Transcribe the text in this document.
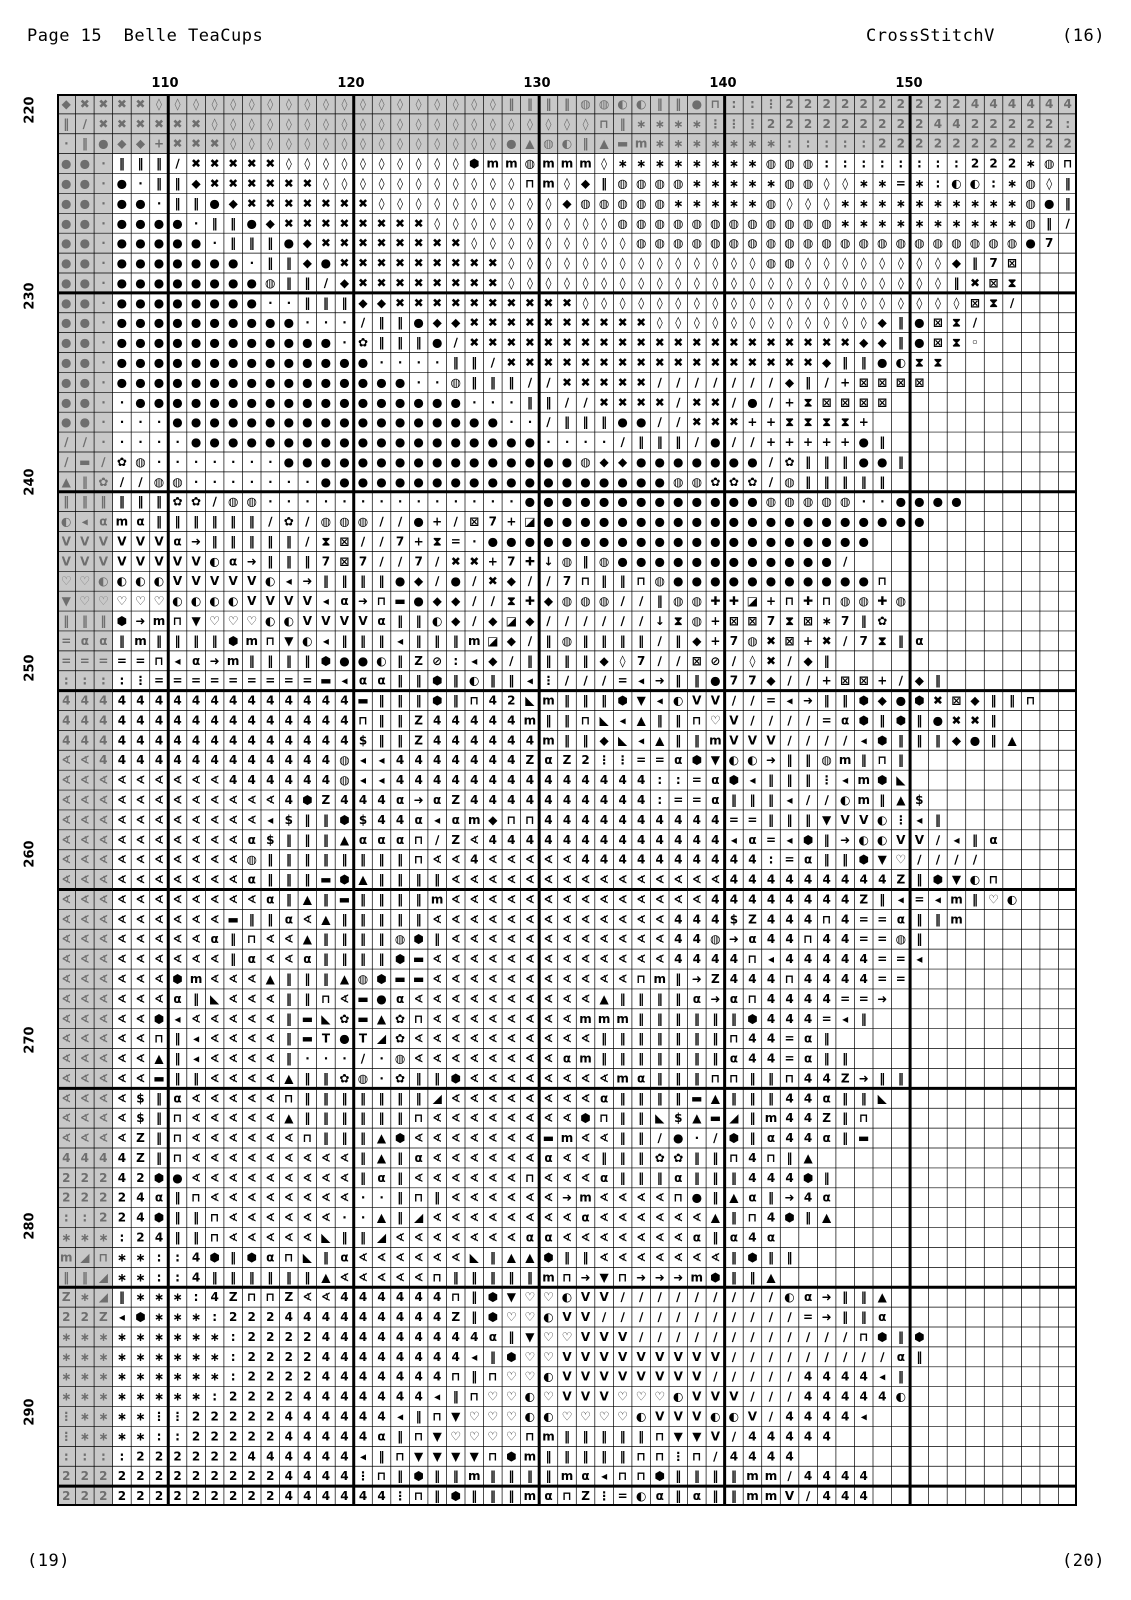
Page 15 Belle TeaCups	CrossStitchV	(16)
110	120	130	140	150
220
230
240
250
260
270
280
290
◆ ✖ ✖ ✖ ✖ ◊ ◊ ◊ ◊ ◊ ◊ ◊ ◊ ◊ ◊ ◊ ◊ ◊ ◊ ◊ ◊ ◊ ◊ ◊ ‖ ‖ ‖ ‖ ◍ ◍ ◐ ◐ ‖ ‖ ● ⊓ : : ⋮ 2 2 2 2 2 2 2 2 2 2 4 4 4 4 4 4
‖ ∕ ✖ ✖ ✖ ✖ ✖ ✖ ◊ ◊ ◊ ◊ ◊ ◊ ◊ ◊ ◊ ◊ ◊ ◊ ◊ ◊ ◊ ◊ ◊ ◊ ◊ ◊ ◊ ⊓ ‖ ∗ ∗ ∗ ∗ ⋮ ⋮ ⋮ 2 2 2 2 2 2 2 2 2 4 4 2 2 2 2 2 :
⋅ ‖ ● ◆ ◆ + ✖ ✖ ✖ ◊ ◊ ◊ ◊ ◊ ◊ ◊ ◊ ◊ ◊ ◊ ◊ ◊ ◊ ◊ ● ▲ ◍ ◐ ‖ ▲ ▬ m ∗ ∗ ∗ ∗ ∗ ∗ ∗ : : : : : 2 2 2 2 2 2 2 2 2 2 2
● ● ⋅ ‖ ‖ ‖ ∕ ✖ ✖ ✖ ✖ ✖ ◊ ◊ ◊ ◊ ◊ ◊ ◊ ◊ ◊ ◊ ⬢ m m ◍ m m m ◊ ∗ ∗ ∗ ∗ ∗ ∗ ∗ ∗ ◍ ◍ ◍ : : : : : : : : 2 2 2 ∗ ◍ ⊓
● ● ⋅ ● ⋅ ‖ ‖ ◆ ✖ ✖ ✖ ✖ ✖ ✖ ◊ ◊ ◊ ◊ ◊ ◊ ◊ ◊ ◊ ◊ ◊ ⊓ m ◊ ◆ ‖ ◍ ◍ ◍ ◍ ∗ ∗ ∗ ∗ ∗ ◍ ◍ ◊ ◊ ∗ ∗ = ∗ : ◐ ◐ : ∗ ◍ ◊ ‖
● ● ⋅ ● ● ⋅ ‖ ‖ ● ◆ ✖ ✖ ✖ ✖ ✖ ✖ ✖ ◊ ◊ ◊ ◊ ◊ ◊ ◊ ◊ ◊ ◊ ◆ ◍ ◍ ◍ ◍ ◍ ∗ ∗ ∗ ∗ ∗ ◍ ◊ ◊ ◊ ∗ ∗ ∗ ∗ ∗ ∗ ∗ ∗ ∗ ∗ ◍ ● ‖
● ● ⋅ ● ● ● ● ⋅ ‖ ‖ ● ◆ ✖ ✖ ✖ ✖ ✖ ✖ ✖ ✖ ◊ ◊ ◊ ◊ ◊ ◊ ◊ ◊ ◊ ◊ ◍ ◍ ◍ ◍ ◍ ◍ ◍ ◍ ◍ ◍ ◍ ◍ ∗ ∗ ∗ ∗ ∗ ∗ ∗ ∗ ∗ ∗ ◍ ‖ ∕
● ● ⋅ ● ● ● ● ● ⋅ ‖ ‖ ‖ ● ◆ ✖ ✖ ✖ ✖ ✖ ✖ ✖ ✖ ◊ ◊ ◊ ◊ ◊ ◊ ◊ ◊ ◊ ◍ ◍ ◍ ◍ ◍ ◍ ◍ ◍ ◍ ◍ ◍ ◍ ◍ ◍ ◍ ◍ ◍ ◍ ◍ ◍ ◍ ● 7
● ● ⋅ ● ● ● ● ● ● ● ⋅ ‖ ‖ ◆ ● ✖ ✖ ✖ ✖ ✖ ✖ ✖ ✖ ✖ ◊ ◊ ◊ ◊ ◊ ◊ ◊ ◊ ◊ ◊ ◊ ◊ ◊ ◊ ◍ ◍ ◊ ◊ ◊ ◊ ◊ ◊ ◊ ◊ ◆ ‖ 7 ⊠
● ● ⋅ ● ● ● ● ● ● ● ● ◍ ‖ ‖ ∕ ◆ ✖ ✖ ✖ ✖ ✖ ✖ ✖ ✖ ◊ ◊ ◊ ◊ ◊ ◊ ◊ ◊ ◊ ◊ ◊ ◊ ◊ ◊ ◊ ◊ ◊ ◊ ◊ ◊ ◊ ◊ ◊ ◊ ‖ ✖ ⊠ ⧗
● ● ⋅ ● ● ● ● ● ● ● ● ⋅ ⋅ ‖ ‖ ‖ ◆ ◆ ✖ ✖ ✖ ✖ ✖ ✖ ✖ ✖ ✖ ✖ ◊ ◊ ◊ ◊ ◊ ◊ ◊ ◊ ◊ ◊ ◊ ◊ ◊ ◊ ◊ ◊ ◊ ◊ ◊ ◊ ◊ ⊠ ⧗ ∕
● ● ⋅ ● ● ● ● ● ● ● ● ● ● ⋅ ⋅ ⋅ ∕ ‖ ‖ ● ◆ ◆ ✖ ✖ ✖ ✖ ✖ ✖ ✖ ✖ ✖ ✖ ◊ ◊ ◊ ◊ ◊ ◊ ◊ ◊ ◊ ◊ ◊ ◊ ◆ ‖ ● ⊠ ⧗ ∕
● ● ⋅ ● ● ● ● ● ● ● ● ● ● ● ● ⋅ ✿ ‖ ‖ ‖ ● ∕ ✖ ✖ ✖ ✖ ✖ ✖ ✖ ✖ ✖ ✖ ✖ ✖ ✖ ✖ ✖ ✖ ✖ ✖ ✖ ✖ ✖ ◆ ◆ ‖ ● ⊠ ⧗ ◦
● ● ⋅ ● ● ● ● ● ● ● ● ● ● ● ● ● ● ⋅ ⋅ ⋅ ⋅ ‖ ‖ ∕ ✖ ✖ ✖ ✖ ✖ ✖ ✖ ✖ ✖ ✖ ✖ ✖ ✖ ✖ ✖ ✖ ✖ ◆ ‖ ‖ ● ◐ ⧗ ⧗
● ● ⋅ ● ● ● ● ● ● ● ● ● ● ● ● ● ● ● ● ⋅ ⋅ ◍ ‖ ‖ ‖ ∕ ∕ ✖ ✖ ✖ ✖ ✖ ∕ ∕ ∕ ∕ ∕ ∕ ∕ ◆ ‖ ∕ + ⊠ ⊠ ⊠ ⊠
● ● ⋅ ⋅ ● ● ● ● ● ● ● ● ● ● ● ● ● ● ● ● ● ● ⋅ ⋅ ⋅ ‖ ‖ ∕ ∕ ✖ ✖ ✖ ✖ ∕ ✖ ✖ ∕ ● ∕ + ⧗ ⊠ ⊠ ⊠ ⊠
● ● ⋅ ⋅ ⋅ ⋅ ● ● ● ● ● ● ● ● ● ● ● ● ● ● ● ● ● ● ⋅ ⋅ ∕ ‖ ‖ ‖ ● ● ∕ ∕ ✖ ✖ ✖ + + ⧗ ⧗ ⧗ ⧗ +
∕ ∕ ⋅ ⋅ ⋅ ⋅ ⋅ ● ● ● ● ● ● ● ● ● ● ● ● ● ● ● ● ● ● ● ⋅ ⋅ ⋅ ⋅ ∕ ‖ ‖ ‖ ∕ ● ∕ ∕ + + + + + ● ‖
∕ ▬ ∕ ✿ ◍ ⋅ ⋅ ⋅ ⋅ ⋅ ⋅ ⋅ ● ● ● ● ● ● ● ● ● ● ● ● ● ● ● ● ◍ ◆ ◆ ● ● ● ● ● ● ● ∕ ✿ ‖ ‖ ‖ ● ● ‖
▲ ‖ ✿ ∕ ∕ ◍ ◍ ⋅ ⋅ ⋅ ⋅ ⋅ ⋅ ⋅ ● ● ● ● ● ● ● ● ● ● ● ● ● ● ● ● ● ● ● ◍ ◍ ✿ ✿ ✿ ∕ ◍ ‖ ‖ ‖ ‖ ‖
‖ ‖ ‖ ‖ ‖ ‖ ✿ ✿ ∕ ◍ ◍ ⋅ ⋅ ⋅ ⋅ ⋅ ⋅ ⋅ ⋅ ⋅ ⋅ ⋅ ⋅ ⋅ ⋅ ● ● ● ● ● ● ● ● ● ● ● ● ● ◍ ◍ ◍ ◍ ◍ ⋅ ⋅ ● ● ● ●
◐ ◂ α m α ‖ ‖ ‖ ‖ ‖ ‖ ∕ ✿ ∕ ◍ ◍ ◍ ∕ ∕ ● + ∕ ⊠ 7 + ◪ ● ● ● ● ● ● ● ● ● ● ● ● ● ● ● ● ● ● ● ● ●
V V V V V V α ➜ ‖ ‖ ‖ ‖ ‖ ∕ ⧗ ⊠ ∕ ∕ 7 + ⧗ = ⋅ ● ● ● ● ● ● ● ● ● ● ● ● ● ● ● ● ● ● ● ● ●
V V V V V V V V ◐ α ➜ ‖ ‖ ‖ 7 ⊠ 7 ∕ ∕ 7 ∕ ✖ ✖ + 7 ✚ ↓ ◍ ‖ ◍ ● ● ● ● ● ● ● ● ● ● ● ● ∕
♡ ♡ ◐ ◐ ◐ ◐ V V V V V ◐ ◂ ➜ ‖ ‖ ‖ ‖ ● ◆ ∕ ● ∕ ✖ ◆ ∕ ∕ 7 ⊓ ‖ ‖ ⊓ ◍ ● ● ● ● ● ● ● ● ● ● ● ⊓
▼ ♡ ♡ ♡ ♡ ♡ ◐ ◐ ◐ ◐ V V V V ◂ α ➜ ⊓ ▬ ● ◆ ◆ ∕ ∕ ⧗ ✚ ◆ ◍ ◍ ◍ ∕ ∕ ‖ ◍ ◍ ✚ ✚ ◪ + ⊓ ✚ ⊓ ◍ ◍ ✚ ◍
‖ ‖ ‖ ⬢ ➜ m ⊓ ▼ ♡ ♡ ♡ ◐ ◐ V V V V α ‖ ‖ ◐ ◆ ∕ ◆ ◪ ◆ ∕ ∕ ∕ ∕ ∕ ∕ ↓ ⧗ ◍ + ⊠ ⊠ 7 ⧗ ⊠ ∗ 7 ‖ ✿
= α α ‖ m ‖ ‖ ‖ ‖ ⬢ m ⊓ ▼ ◐ ◂ ‖ ‖ ‖ ◂ ‖ ‖ ‖ m ◪ ◆ ∕ ‖ ◍ ‖ ‖ ‖ ‖ ∕ ‖ ◆ + 7 ◍ ✖ ⊠ + ✖ ∕ 7 ⧗ ‖ α
= = = = = ⊓ ◂ α ➜ m ‖ ‖ ‖ ‖ ⬢ ● ● ◐ ‖ Z ⊘ : ◂ ◆ ∕ ‖ ‖ ‖ ‖ ◆ ◊ 7 ∕ ∕ ⊠ ⊘ ∕ ◊ ✖ ∕ ◆ ‖
: : : : ⋮ = = = = = = = = = ▬ ◂ α α ‖ ‖ ⬢ ‖ ◐ ‖ ‖ ◂ ⋮ ∕ ∕ ∕ = ◂ ➜ ‖ ‖ ● 7 7 ◆ ∕ ∕ + ⊠ ⊠ + ∕ ◆ ‖
4 4 4 4 4 4 4 4 4 4 4 4 4 4 4 4 ▬ ‖ ‖ ‖ ⬢ ‖ ⊓ 4 2 ◣ m ‖ ‖ ‖ ⬢ ▼ ◂ ◐ V V ∕ ∕ = ◂ ➜ ‖ ‖ ⬢ ◆ ● ⬢ ✖ ⊠ ◆ ‖ ‖ ⊓
4 4 4 4 4 4 4 4 4 4 4 4 4 4 4 4 ⊓ ‖ ‖ Z 4 4 4 4 4 m ‖ ‖ ⊓ ◣ ◂ ▲ ‖ ‖ ⊓ ♡ V ∕ ∕ ∕ ∕ = α ⬢ ‖ ⬢ ‖ ● ✖ ✖ ‖
4 4 4 4 4 4 4 4 4 4 4 4 4 4 4 4 $ ‖ ‖ Z 4 4 4 4 4 4 m ‖ ‖ ◆ ◣ ◂ ▲ ‖ ‖ m V V V ∕ ∕ ∕ ∕ ◂ ⬢ ‖ ‖ ‖ ◆ ● ‖ ▲
∢ ∢ 4 4 4 4 4 4 4 4 4 4 4 4 4 ◍ ◂ ◂ 4 4 4 4 4 4 4 Z α Z 2 ⋮ ⋮ = = α ⬢ ▼ ◐ ◐ ➜ ‖ ‖ ◍ m ‖ ⊓ ‖
∢ ∢ ∢ ∢ ∢ ∢ ∢ ∢ ∢ 4 4 4 4 4 4 ◍ ◂ ◂ 4 4 4 4 4 4 4 4 4 4 4 4 4 4 : : = α ⬢ ◂ ‖ ‖ ‖ ⋮ ◂ m ⬢ ◣
∢ ∢ ∢ ∢ ∢ ∢ ∢ ∢ ∢ ∢ ∢ ∢ 4 ⬢ Z 4 4 4 α ➜ α Z 4 4 4 4 4 4 4 4 4 4 : = = α ‖ ‖ ‖ ◂ ∕ ∕ ◐ m ‖ ▲ $
∢ ∢ ∢ ∢ ∢ ∢ ∢ ∢ ∢ ∢ ∢ ◂ $ ‖ ‖ ⬢ $ 4 4 α ◂ α m ◆ ⊓ ⊓ 4 4 4 4 4 4 4 4 4 4 = = ‖ ‖ ‖ ▼ V V ◐ ⋮ ◂ ‖
∢ ∢ ∢ ∢ ∢ ∢ ∢ ∢ ∢ ∢ α $ ‖ ‖ ‖ ▲ α α α ⊓ ∕ Z ∢ 4 4 4 4 4 4 4 4 4 4 4 4 4 ◂ α = ◂ ⬢ ‖ ➜ ◐ ◐ V V ∕ ◂ ‖ α
∢ ∢ ∢ ∢ ∢ ∢ ∢ ∢ ∢ ∢ ◍ ‖ ‖ ‖ ‖ ‖ ‖ ‖ ‖ ⊓ ∢ ∢ 4 ∢ ∢ ∢ ∢ ∢ 4 4 4 4 4 4 4 4 4 4 : = α ‖ ‖ ⬢ ▼ ♡ ∕ ∕ ∕ ∕
∢ ∢ ∢ ∢ ∢ ∢ ∢ ∢ ∢ ∢ α ‖ ‖ ‖ ▬ ⬢ ▲ ‖ ‖ ‖ ‖ ∢ ∢ ∢ ∢ ∢ ∢ ∢ ∢ ∢ ∢ ∢ ∢ ∢ ∢ ∢ 4 4 4 4 4 4 4 4 4 Z ‖ ⬢ ▼ ◐ ⊓
∢ ∢ ∢ ∢ ∢ ∢ ∢ ∢ ∢ ∢ ∢ α ‖ ▲ ‖ ▬ ‖ ‖ ‖ ‖ m ∢ ∢ ∢ ∢ ∢ ∢ ∢ ∢ ∢ ∢ ∢ ∢ ∢ ∢ 4 4 4 4 4 4 4 4 Z ‖ ◂ = ◂ m ‖ ♡ ◐
∢ ∢ ∢ ∢ ∢ ∢ ∢ ∢ ∢ ▬ ‖ ‖ α ∢ ▲ ‖ ‖ ‖ ‖ ‖ ∢ ∢ ∢ ∢ ∢ ∢ ∢ ∢ ∢ ∢ ∢ ∢ ∢ 4 4 4 $ Z 4 4 4 ⊓ 4 = = α ‖ ‖ m
∢ ∢ ∢ ∢ ∢ ∢ ∢ ∢ α ‖ ⊓ ∢ ∢ ▲ ‖ ‖ ‖ ‖ ◍ ⬢ ‖ ∢ ∢ ∢ ∢ ∢ ∢ ∢ ∢ ∢ ∢ ∢ ∢ 4 4 ◍ ➜ α 4 4 ⊓ 4 4 = = ◍ ‖
∢ ∢ ∢ ∢ ∢ ∢ ∢ ∢ ∢ ‖ α ∢ ∢ α ‖ ‖ ‖ ‖ ⬢ ▬ ∢ ∢ ∢ ∢ ∢ ∢ ∢ ∢ ∢ ∢ ∢ ∢ ∢ 4 4 4 4 ⊓ ◂ 4 4 4 4 4 = = ◂
∢ ∢ ∢ ∢ ∢ ∢ ⬢ m ∢ ∢ ∢ ▲ ‖ ‖ ‖ ▲ ◍ ⬢ ▬ ▬ ∢ ∢ ∢ ∢ ∢ ∢ ∢ ∢ ∢ ∢ ∢ ⊓ m ‖ ➜ Z 4 4 4 ⊓ 4 4 4 4 = =
∢ ∢ ∢ ∢ ∢ ∢ α ‖ ◣ ∢ ∢ ∢ ‖ ‖ ⊓ ∢ ▬ ● α ∢ ∢ ∢ ∢ ∢ ∢ ∢ ∢ ∢ ∢ ▲ ‖ ‖ ‖ ‖ α ➜ α ⊓ 4 4 4 4 = = ➜
∢ ∢ ∢ ∢ ∢ ⬢ ◂ ∢ ∢ ∢ ∢ ∢ ‖ ▬ ◣ ✿ ▬ ▲ ✿ ⊓ ∢ ∢ ∢ ∢ ∢ ∢ ∢ ∢ m m m ‖ ‖ ‖ ‖ ‖ ‖ ⬢ 4 4 4 = ◂ ‖
∢ ∢ ∢ ∢ ∢ ⊓ ‖ ◂ ∢ ∢ ∢ ∢ ‖ ▬ T ● T ◢ ✿ ∢ ∢ ∢ ∢ ∢ ∢ ∢ ∢ ∢ ∢ ‖ ‖ ‖ ‖ ‖ ‖ ‖ ⊓ 4 4 = α ‖
∢ ∢ ∢ ∢ ∢ ▲ ‖ ◂ ∢ ∢ ∢ ∢ ‖ ⋅ ⋅ ⋅ ∕ ⋅ ◍ ∢ ∢ ∢ ∢ ∢ ∢ ∢ ∢ α m ‖ ‖ ‖ ‖ ‖ ‖ ‖ α 4 4 = α ‖ ‖
∢ ∢ ∢ ∢ ∢ ▬ ‖ ‖ ∢ ∢ ∢ ∢ ▲ ‖ ‖ ✿ ◍ ⋅ ✿ ‖ ‖ ⬢ ∢ ∢ ∢ ∢ ∢ ∢ ∢ ∢ m α ‖ ‖ ‖ ⊓ ⊓ ‖ ‖ ⊓ 4 4 Z ➜ ‖ ‖
∢ ∢ ∢ ∢ $ ‖ α ∢ ∢ ∢ ∢ ∢ ⊓ ‖ ‖ ‖ ‖ ‖ ‖ ‖ ◢ ∢ ∢ ∢ ∢ ∢ ∢ ∢ ∢ α ‖ ‖ ‖ ‖ ▬ ▲ ‖ ‖ ‖ 4 4 α ‖ ‖ ◣
∢ ∢ ∢ ∢ $ ‖ ⊓ ∢ ∢ ∢ ∢ ∢ ▲ ‖ ‖ ‖ ‖ ‖ ‖ ⊓ ∢ ∢ ∢ ∢ ∢ ∢ ∢ ∢ ⬢ ⊓ ‖ ‖ ◣ $ ▲ ▬ ◢ ‖ m 4 4 Z ‖ ⊓
∢ ∢ ∢ ∢ Z ‖ ⊓ ∢ ∢ ∢ ∢ ∢ ∢ ⊓ ‖ ‖ ‖ ▲ ⬢ ∢ ∢ ∢ ∢ ∢ ∢ ∢ ▬ m ∢ ∢ ‖ ‖ ∕ ● ⋅ ∕ ⬢ ‖ α 4 4 α ‖ ▬
4 4 4 4 Z ‖ ⊓ ∢ ∢ ∢ ∢ ∢ ∢ ∢ ∢ ∢ ‖ ▲ ‖ α ∢ ∢ ∢ ∢ ∢ ∢ α ∢ ∢ ‖ ‖ ‖ ✿ ✿ ‖ ‖ ⊓ 4 ⊓ ‖ ▲
2 2 2 4 2 ⬢ ● ∢ ∢ ∢ ∢ ∢ ∢ ∢ ∢ ∢ ‖ α ‖ ∢ ∢ ∢ ∢ ∢ ∢ ⊓ ∢ ∢ ∢ α ‖ ‖ ‖ α ‖ ‖ ‖ 4 4 4 ⬢ ‖
2 2 2 2 4 α ‖ ⊓ ∢ ∢ ∢ ∢ ∢ ∢ ∢ ∢ ⋅ ⋅ ‖ ⊓ ‖ ∢ ∢ ∢ ∢ ∢ ∢ ➜ m ∢ ∢ ∢ ∢ ⊓ ● ‖ ▲ α ‖ ➜ 4 α
: : 2 2 4 ⬢ ‖ ‖ ⊓ ∢ ∢ ∢ ∢ ∢ ∢ ⋅ ⋅ ▲ ‖ ◢ ∢ ∢ ∢ ∢ ∢ ∢ ∢ ∢ α ∢ ∢ ∢ ∢ ∢ ∢ ▲ ‖ ⊓ 4 ⬢ ‖ ▲
∗ ∗ ∗ : 2 4 ‖ ‖ ⊓ ∢ ∢ ∢ ∢ ∢ ◣ ‖ ‖ ◢ ∢ ∢ ∢ ∢ ∢ ∢ ∢ α α ∢ ∢ ∢ ∢ ∢ ∢ ∢ α ‖ α 4 α
m ◢ ⊓ ∗ ∗ : : 4 ⬢ ‖ ⬢ α ⊓ ◣ ‖ α ∢ ∢ ∢ ∢ ∢ ∢ ◣ ‖ ▲ ▲ ⬢ ‖ ‖ ∢ ∢ ∢ ∢ ∢ ∢ ∢ ‖ ⬢ ‖ ‖
‖ ‖ ◢ ∗ ∗ : : 4 ‖ ‖ ‖ ‖ ‖ ‖ ▲ ∢ ∢ ∢ ∢ ∢ ⊓ ‖ ‖ ‖ ‖ ‖ m ⊓ ➜ ▼ ⊓ ➜ ➜ ➜ m ⬢ ‖ ‖ ▲
Z ∗ ◢ ‖ ∗ ∗ ∗ : 4 Z ⊓ ⊓ Z ∢ ∢ 4 4 4 4 4 4 ⊓ ‖ ⬢ ▼ ♡ ♡ ◐ V V ∕ ∕ ∕ ∕ ∕ ∕ ∕ ∕ ∕ ◐ α ➜ ‖ ‖ ▲
2 2 Z ◂ ⬢ ∗ ∗ ∗ : 2 2 2 4 4 4 4 4 4 4 4 4 Z ‖ ⬢ ♡ ♡ ◐ V V ∕ ∕ ∕ ∕ ∕ ∕ ∕ ∕ ∕ ∕ ∕ = ➜ ‖ ‖ α
∗ ∗ ∗ ∗ ∗ ∗ ∗ ∗ ∗ : 2 2 2 2 4 4 4 4 4 4 4 4 4 α ‖ ▼ ♡ ♡ V V V ∕ ∕ ∕ ∕ ∕ ∕ ∕ ∕ ∕ ∕ ∕ ∕ ⊓ ⬢ ‖ ⬢
∗ ∗ ∗ ∗ ∗ ∗ ∗ ∗ ∗ : 2 2 2 2 4 4 4 4 4 4 4 4 ◂ ‖ ⬢ ♡ ♡ V V V V V V V V V ∕ ∕ ∕ ∕ ∕ ∕ ∕ ∕ ∕ α ‖
∗ ∗ ∗ ∗ ∗ ∗ ∗ ∗ ∗ : 2 2 2 2 4 4 4 4 4 4 4 ⊓ ‖ ⊓ ♡ ♡ ◐ V V V V V V V V ∕ ∕ ∕ ∕ ∕ 4 4 4 4 ◂ ‖
∗ ∗ ∗ ∗ ∗ ∗ ∗ ∗ : 2 2 2 2 4 4 4 4 4 4 4 ◂ ‖ ⊓ ♡ ♡ ◐ ♡ V V V ♡ ♡ ♡ ◐ V V V ∕ ∕ ∕ 4 4 4 4 4 ◐
⋮ ∗ ∗ ∗ ∗ ⋮ ⋮ 2 2 2 2 2 4 4 4 4 4 4 ◂ ‖ ⊓ ▼ ♡ ♡ ♡ ◐ ◐ ♡ ♡ ♡ ♡ ◐ V V V ◐ ◐ V ∕ 4 4 4 4 ◂
⋮ ∗ ∗ ∗ ∗ : : 2 2 2 2 2 4 4 4 4 4 α ‖ ⊓ ▼ ♡ ♡ ♡ ♡ ⊓ m ‖ ‖ ‖ ‖ ‖ ⊓ ▼ ▼ V ∕ 4 4 4 4 4
: : : : 2 2 2 2 2 2 4 4 4 4 4 4 ◂ ‖ ⊓ ▼ ▼ ▼ ▼ ⊓ ⬢ m ‖ ‖ ‖ ‖ ‖ ⊓ ⊓ ⋮ ⊓ ∕ 4 4 4 4
2 2 2 2 2 2 2 2 2 2 2 2 4 4 4 4 ⋮ ⊓ ‖ ⬢ ‖ ‖ m ‖ ‖ ‖ ‖ m α ◂ ⊓ ⊓ ⬢ ‖ ‖ ‖ ‖ m m ∕ 4 4 4 4
2 2 2 2 2 2 2 2 2 2 2 2 4 4 4 4 4 4 ⋮ ⊓ ‖ ⬢ ‖ ‖ ‖ m α ⊓ Z ⋮ = ◐ α ‖ α ‖ ‖ m m V ∕ 4 4 4
(19)	(20)
